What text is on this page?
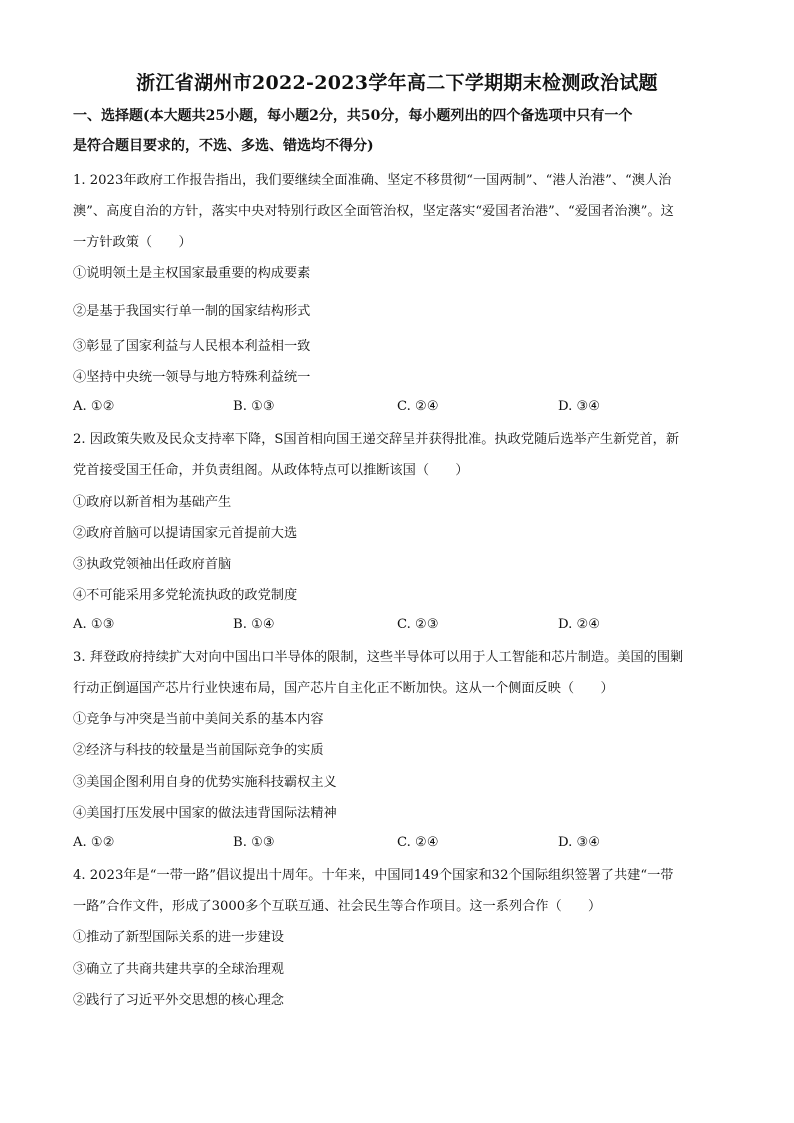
浙江省湖州市2022-2023学年高二下学期期末检测政治试题
一、选择题(本大题共25小题，每小题2分，共50分，每小题列出的四个备选项中只有一个
是符合题目要求的，不选、多选、错选均不得分)
1. 2023年政府工作报告指出，我们要继续全面准确、坚定不移贯彻“一国两制”、“港人治港”、“澳人治
澳”、高度自治的方针，落实中央对特别行政区全面管治权，坚定落实“爱国者治港”、“爱国者治澳”。这
一方针政策（　　）
①说明领土是主权国家最重要的构成要素
②是基于我国实行单一制的国家结构形式
③彰显了国家利益与人民根本利益相一致
④坚持中央统一领导与地方特殊利益统一
A. ①②	B. ①③	C. ②④	D. ③④
2. 因政策失败及民众支持率下降，S国首相向国王递交辞呈并获得批准。执政党随后选举产生新党首，新
党首接受国王任命，并负责组阁。从政体特点可以推断该国（　　）
①政府以新首相为基础产生
②政府首脑可以提请国家元首提前大选
③执政党领袖出任政府首脑
④不可能采用多党轮流执政的政党制度
A. ①③	B. ①④	C. ②③	D. ②④
3. 拜登政府持续扩大对向中国出口半导体的限制，这些半导体可以用于人工智能和芯片制造。美国的围剿
行动正倒逼国产芯片行业快速布局，国产芯片自主化正不断加快。这从一个侧面反映（　　）
①竞争与冲突是当前中美间关系的基本内容
②经济与科技的较量是当前国际竞争的实质
③美国企图利用自身的优势实施科技霸权主义
④美国打压发展中国家的做法违背国际法精神
A. ①②	B. ①③	C. ②④	D. ③④
4. 2023年是“一带一路”倡议提出十周年。十年来，中国同149个国家和32个国际组织签署了共建“一带
一路”合作文件，形成了3000多个互联互通、社会民生等合作项目。这一系列合作（　　）
①推动了新型国际关系的进一步建设
③确立了共商共建共享的全球治理观
②践行了习近平外交思想的核心理念
